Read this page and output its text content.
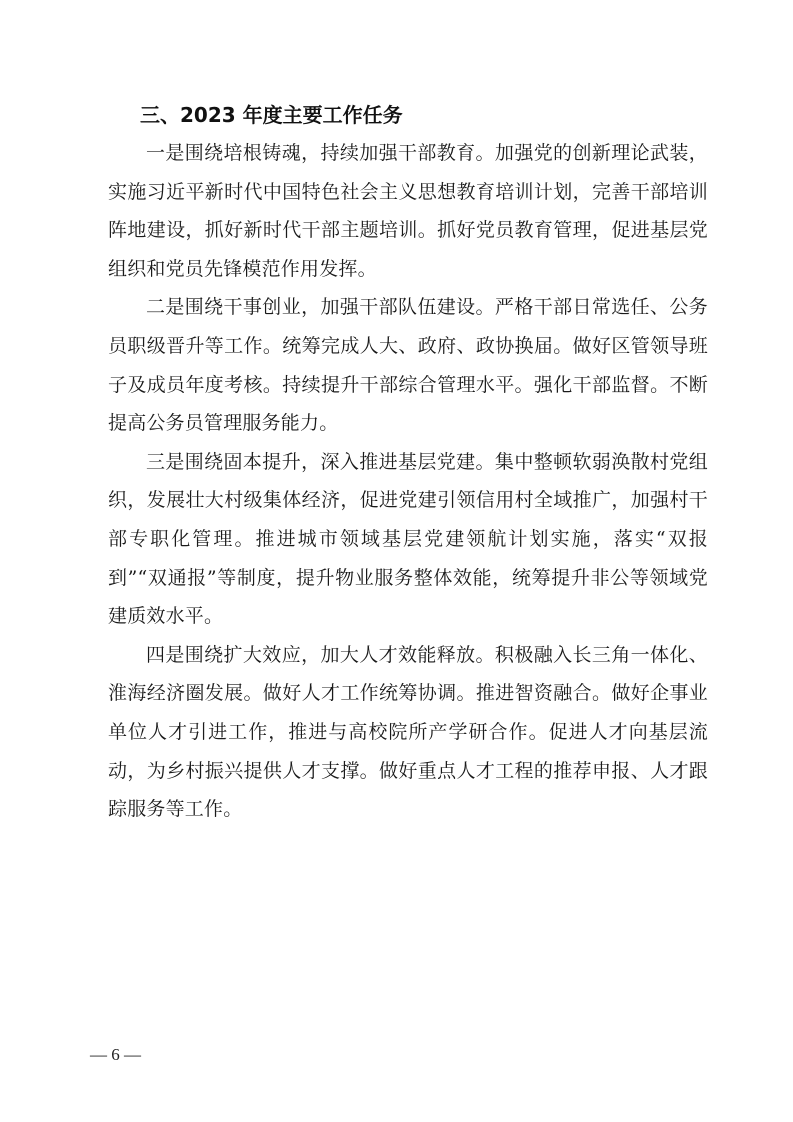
三、2023 年度主要工作任务

一是围绕培根铸魂，持续加强干部教育。加强党的创新理论武装，实施习近平新时代中国特色社会主义思想教育培训计划，完善干部培训阵地建设，抓好新时代干部主题培训。抓好党员教育管理，促进基层党组织和党员先锋模范作用发挥。

二是围绕干事创业，加强干部队伍建设。严格干部日常选任、公务员职级晋升等工作。统筹完成人大、政府、政协换届。做好区管领导班子及成员年度考核。持续提升干部综合管理水平。强化干部监督。不断提高公务员管理服务能力。

三是围绕固本提升，深入推进基层党建。集中整顿软弱涣散村党组织，发展壮大村级集体经济，促进党建引领信用村全域推广，加强村干部专职化管理。推进城市领域基层党建领航计划实施，落实“双报到”“双通报”等制度，提升物业服务整体效能，统筹提升非公等领域党建质效水平。

四是围绕扩大效应，加大人才效能释放。积极融入长三角一体化、淮海经济圈发展。做好人才工作统筹协调。推进智资融合。做好企事业单位人才引进工作，推进与高校院所产学研合作。促进人才向基层流动，为乡村振兴提供人才支撑。做好重点人才工程的推荐申报、人才跟踪服务等工作。

— 6 —
